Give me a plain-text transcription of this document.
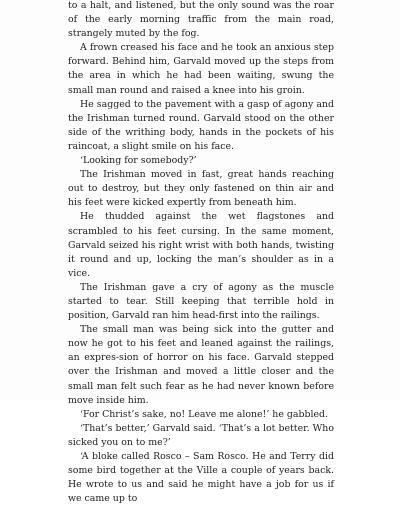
to a halt, and listened, but the only sound was the roar of the early morning traffic from the main road, strangely muted by the fog.

A frown creased his face and he took an anxious step forward. Behind him, Garvald moved up the steps from the area in which he had been waiting, swung the small man round and raised a knee into his groin.

He sagged to the pavement with a gasp of agony and the Irishman turned round. Garvald stood on the other side of the writhing body, hands in the pockets of his raincoat, a slight smile on his face.

‘Looking for somebody?’

The Irishman moved in fast, great hands reaching out to destroy, but they only fastened on thin air and his feet were kicked expertly from beneath him.

He thudded against the wet flagstones and scrambled to his feet cursing. In the same moment, Garvald seized his right wrist with both hands, twisting it round and up, locking the man’s shoulder as in a vice.

The Irishman gave a cry of agony as the muscle started to tear. Still keeping that terrible hold in position, Garvald ran him head-first into the railings.

The small man was being sick into the gutter and now he got to his feet and leaned against the railings, an expres-sion of horror on his face. Garvald stepped over the Irishman and moved a little closer and the small man felt such fear as he had never known before move inside him.

‘For Christ’s sake, no! Leave me alone!’ he gabbled.

‘That’s better,’ Garvald said. ‘That’s a lot better. Who sicked you on to me?’

‘A bloke called Rosco – Sam Rosco. He and Terry did some bird together at the Ville a couple of years back. He wrote to us and said he might have a job for us if we came up to
